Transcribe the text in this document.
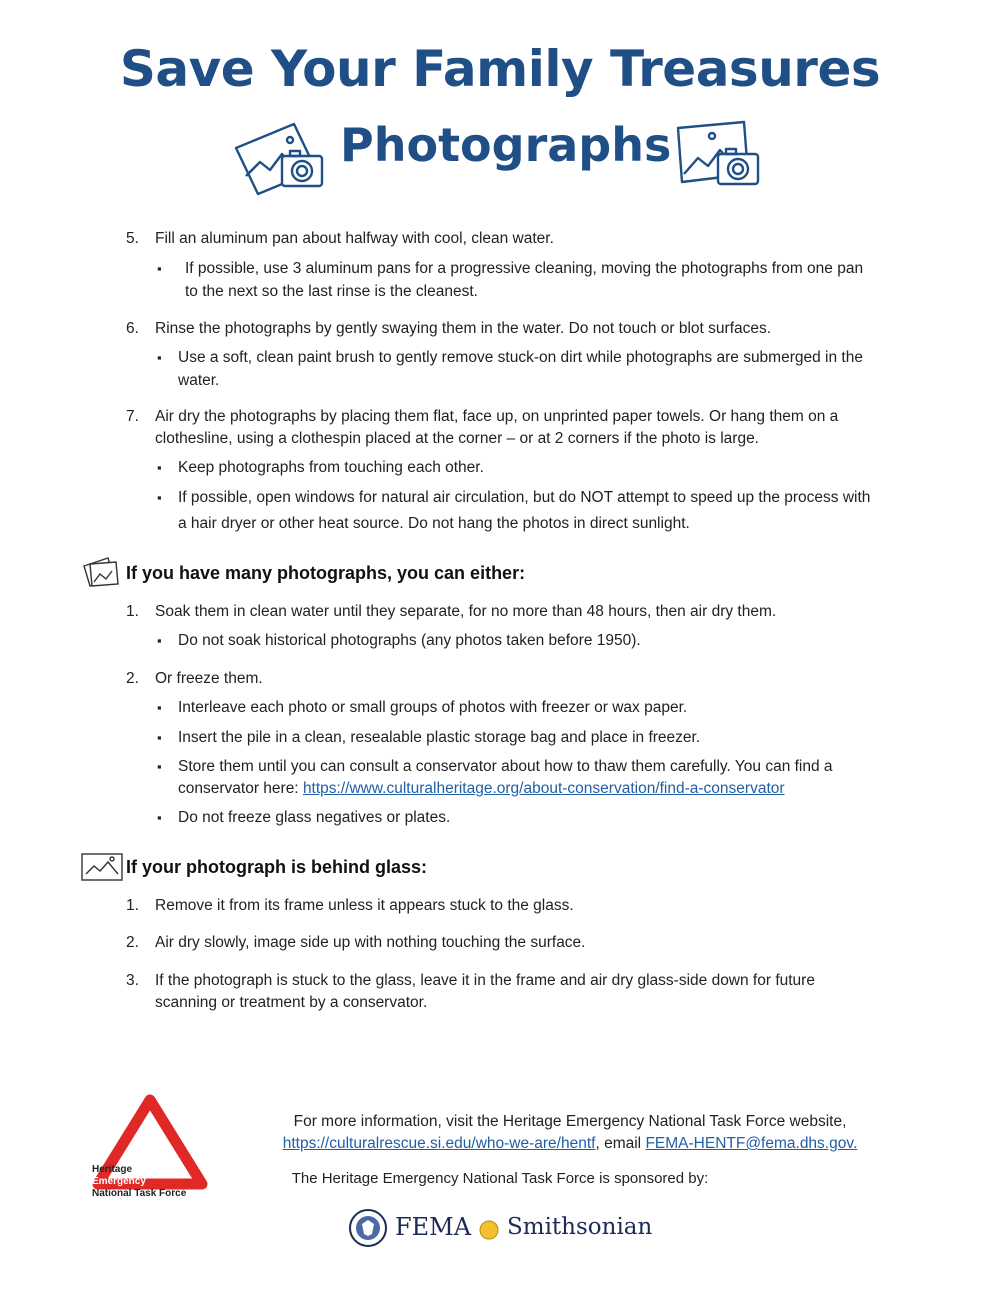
Save Your Family Treasures
Photographs
5. Fill an aluminum pan about halfway with cool, clean water.
▪ If possible, use 3 aluminum pans for a progressive cleaning, moving the photographs from one pan
to the next so the last rinse is the cleanest.
6. Rinse the photographs by gently swaying them in the water. Do not touch or blot surfaces.
▪ Use a soft, clean paint brush to gently remove stuck-on dirt while photographs are submerged in the
water.
7. Air dry the photographs by placing them flat, face up, on unprinted paper towels. Or hang them on a
clothesline, using a clothespin placed at the corner – or at 2 corners if the photo is large.
▪ Keep photographs from touching each other.
▪ If possible, open windows for natural air circulation, but do NOT attempt to speed up the process with
a hair dryer or other heat source. Do not hang the photos in direct sunlight.
If you have many photographs, you can either:
1. Soak them in clean water until they separate, for no more than 48 hours, then air dry them.
▪ Do not soak historical photographs (any photos taken before 1950).
2. Or freeze them.
▪ Interleave each photo or small groups of photos with freezer or wax paper.
▪ Insert the pile in a clean, resealable plastic storage bag and place in freezer.
▪ Store them until you can consult a conservator about how to thaw them carefully. You can find a
conservator here: https://www.culturalheritage.org/about-conservation/find-a-conservator
▪ Do not freeze glass negatives or plates.
If your photograph is behind glass:
1. Remove it from its frame unless it appears stuck to the glass.
2. Air dry slowly, image side up with nothing touching the surface.
3. If the photograph is stuck to the glass, leave it in the frame and air dry glass-side down for future
scanning or treatment by a conservator.
Heritage
Emergency
National Task Force
For more information, visit the Heritage Emergency National Task Force website,
https://culturalrescue.si.edu/who-we-are/hentf, email FEMA-HENTF@fema.dhs.gov.
The Heritage Emergency National Task Force is sponsored by:
FEMA Smithsonian
